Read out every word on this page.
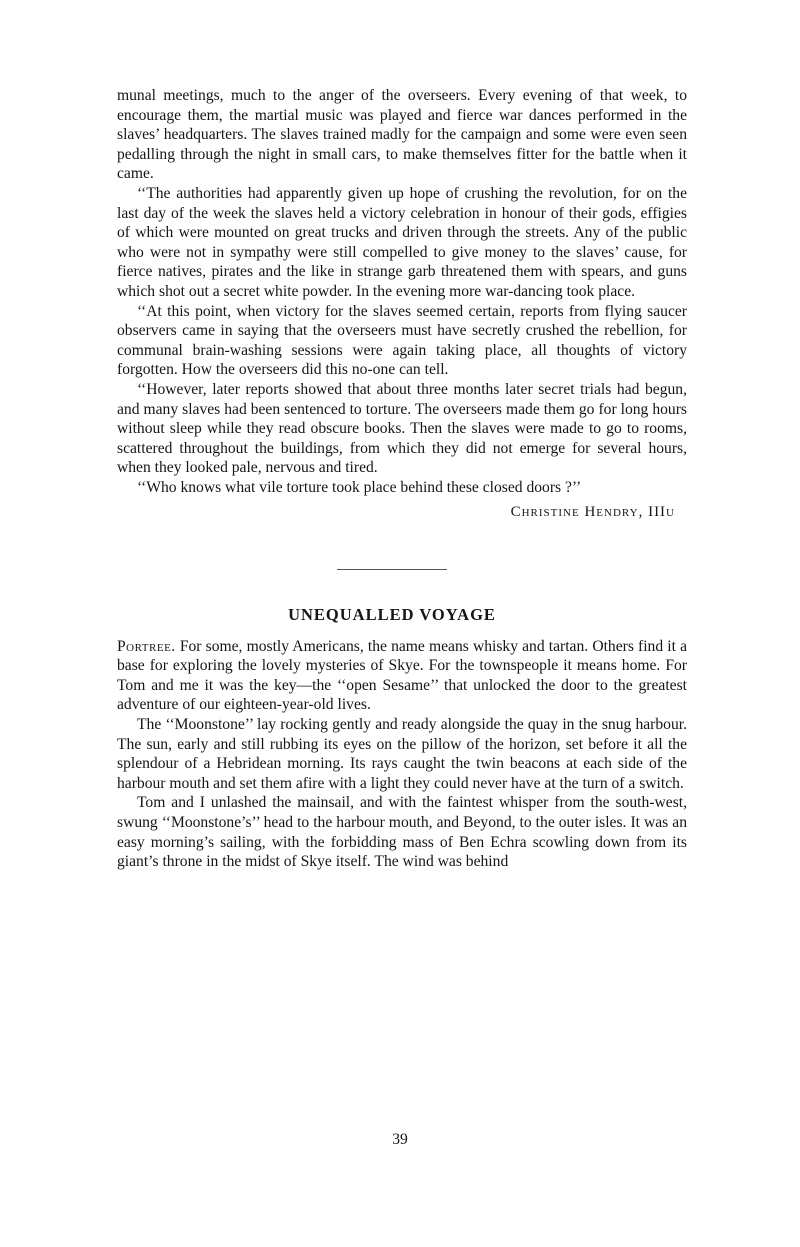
munal meetings, much to the anger of the overseers. Every evening of that week, to encourage them, the martial music was played and fierce war dances performed in the slaves’ headquarters. The slaves trained madly for the campaign and some were even seen pedalling through the night in small cars, to make themselves fitter for the battle when it came.

‘‘The authorities had apparently given up hope of crushing the revolution, for on the last day of the week the slaves held a victory celebration in honour of their gods, effigies of which were mounted on great trucks and driven through the streets. Any of the public who were not in sympathy were still compelled to give money to the slaves’ cause, for fierce natives, pirates and the like in strange garb threatened them with spears, and guns which shot out a secret white powder. In the evening more war-dancing took place.

‘‘At this point, when victory for the slaves seemed certain, reports from flying saucer observers came in saying that the overseers must have secretly crushed the rebellion, for communal brain-washing sessions were again taking place, all thoughts of victory forgotten. How the overseers did this no-one can tell.

‘‘However, later reports showed that about three months later secret trials had begun, and many slaves had been sentenced to torture. The overseers made them go for long hours without sleep while they read obscure books. Then the slaves were made to go to rooms, scattered throughout the buildings, from which they did not emerge for several hours, when they looked pale, nervous and tired.

‘‘Who knows what vile torture took place behind these closed doors ?’’

Christine Hendry, IIIu
UNEQUALLED VOYAGE

Portree. For some, mostly Americans, the name means whisky and tartan. Others find it a base for exploring the lovely mysteries of Skye. For the townspeople it means home. For Tom and me it was the key—the ‘‘open Sesame’’ that unlocked the door to the greatest adventure of our eighteen-year-old lives.

The ‘‘Moonstone’’ lay rocking gently and ready alongside the quay in the snug harbour. The sun, early and still rubbing its eyes on the pillow of the horizon, set before it all the splendour of a Hebridean morning. Its rays caught the twin beacons at each side of the harbour mouth and set them afire with a light they could never have at the turn of a switch.

Tom and I unlashed the mainsail, and with the faintest whisper from the south-west, swung ‘‘Moonstone’s’’ head to the harbour mouth, and Beyond, to the outer isles. It was an easy morning’s sailing, with the forbidding mass of Ben Echra scowling down from its giant’s throne in the midst of Skye itself. The wind was behind

39
